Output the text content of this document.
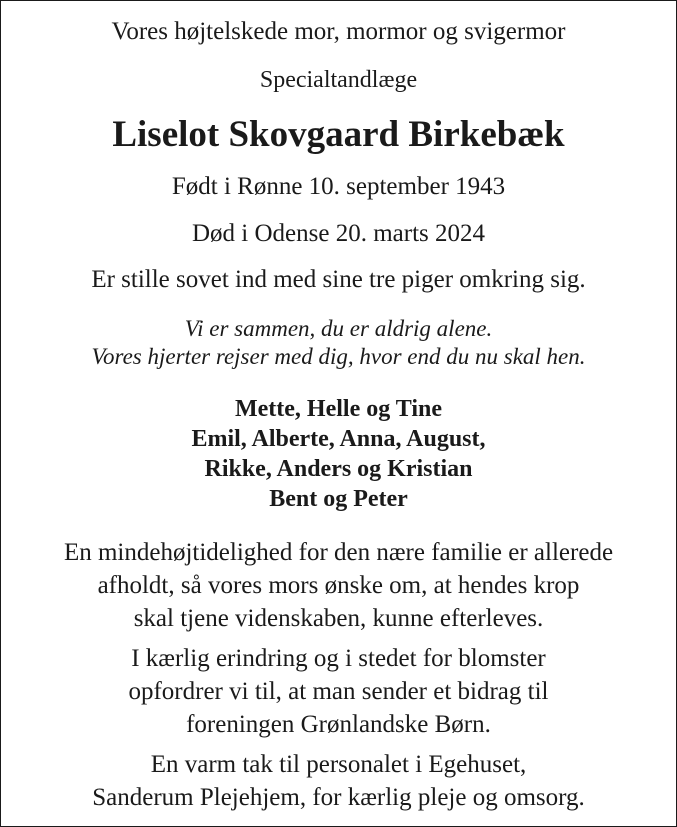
Vores højtelskede mor, mormor og svigermor
Specialtandlæge
Liselot Skovgaard Birkebæk
Født i Rønne 10. september 1943
Død i Odense 20. marts 2024
Er stille sovet ind med sine tre piger omkring sig.
Vi er sammen, du er aldrig alene.
Vores hjerter rejser med dig, hvor end du nu skal hen.
Mette, Helle og Tine
Emil, Alberte, Anna, August,
Rikke, Anders og Kristian
Bent og Peter
En mindehøjtidelighed for den nære familie er allerede
afholdt, så vores mors ønske om, at hendes krop
skal tjene videnskaben, kunne efterleves.
I kærlig erindring og i stedet for blomster
opfordrer vi til, at man sender et bidrag til
foreningen Grønlandske Børn.
En varm tak til personalet i Egehuset,
Sanderum Plejehjem, for kærlig pleje og omsorg.
